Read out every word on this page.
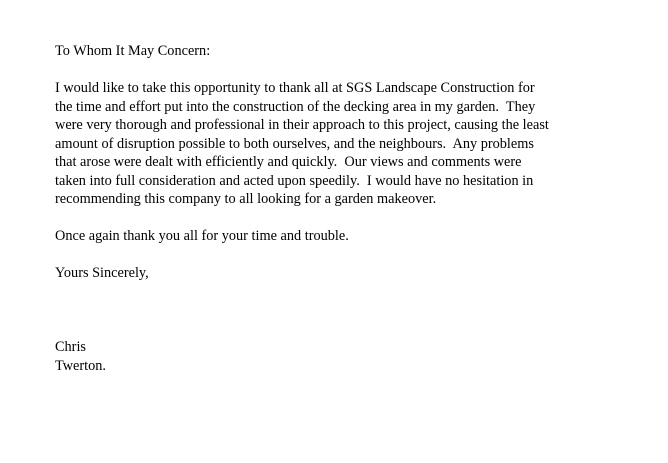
To Whom It May Concern:

I would like to take this opportunity to thank all at SGS Landscape Construction for
the time and effort put into the construction of the decking area in my garden.  They
were very thorough and professional in their approach to this project, causing the least
amount of disruption possible to both ourselves, and the neighbours.  Any problems
that arose were dealt with efficiently and quickly.  Our views and comments were
taken into full consideration and acted upon speedily.  I would have no hesitation in
recommending this company to all looking for a garden makeover.

Once again thank you all for your time and trouble.

Yours Sincerely,

Chris
Twerton.
